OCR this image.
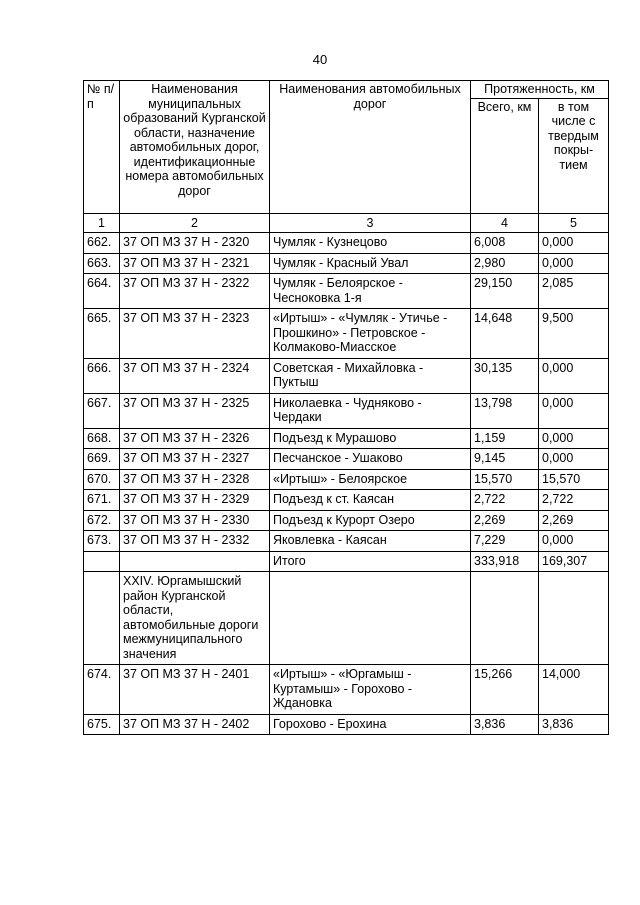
40
№ п/п	Наименования муниципальных образований Курганской области, назначение автомобильных дорог, идентификационные номера автомобильных дорог	Наименования автомобильных дорог	Протяженность, км	
			Всего, км	в том числе с твердым покры-тием
1	2	3	4	5
662.	37 ОП МЗ 37 Н - 2320	Чумляк - Кузнецово	6,008	0,000
663.	37 ОП МЗ 37 Н - 2321	Чумляк - Красный Увал	2,980	0,000
664.	37 ОП МЗ 37 Н - 2322	Чумляк - Белоярское - Чесноковка 1-я	29,150	2,085
665.	37 ОП МЗ 37 Н - 2323	«Иртыш» - «Чумляк - Утичье - Прошкино» - Петровское - Колмаково-Миасское	14,648	9,500
666.	37 ОП МЗ 37 Н - 2324	Советская - Михайловка - Пуктыш	30,135	0,000
667.	37 ОП МЗ 37 Н - 2325	Николаевка - Чудняково - Чердаки	13,798	0,000
668.	37 ОП МЗ 37 Н - 2326	Подъезд к Мурашово	1,159	0,000
669.	37 ОП МЗ 37 Н - 2327	Песчанское - Ушаково	9,145	0,000
670.	37 ОП МЗ 37 Н - 2328	«Иртыш» - Белоярское	15,570	15,570
671.	37 ОП МЗ 37 Н - 2329	Подъезд к ст. Каясан	2,722	2,722
672.	37 ОП МЗ 37 Н - 2330	Подъезд к Курорт Озеро	2,269	2,269
673.	37 ОП МЗ 37 Н - 2332	Яковлевка - Каясан	7,229	0,000
		Итого	333,918	169,307
	XXIV. Юргамышский район Курганской области, автомобильные дороги межмуниципального значения			
674.	37 ОП МЗ 37 Н - 2401	«Иртыш» - «Юргамыш - Куртамыш» - Горохово - Ждановка	15,266	14,000
675.	37 ОП МЗ 37 Н - 2402	Горохово - Ерохина	3,836	3,836
